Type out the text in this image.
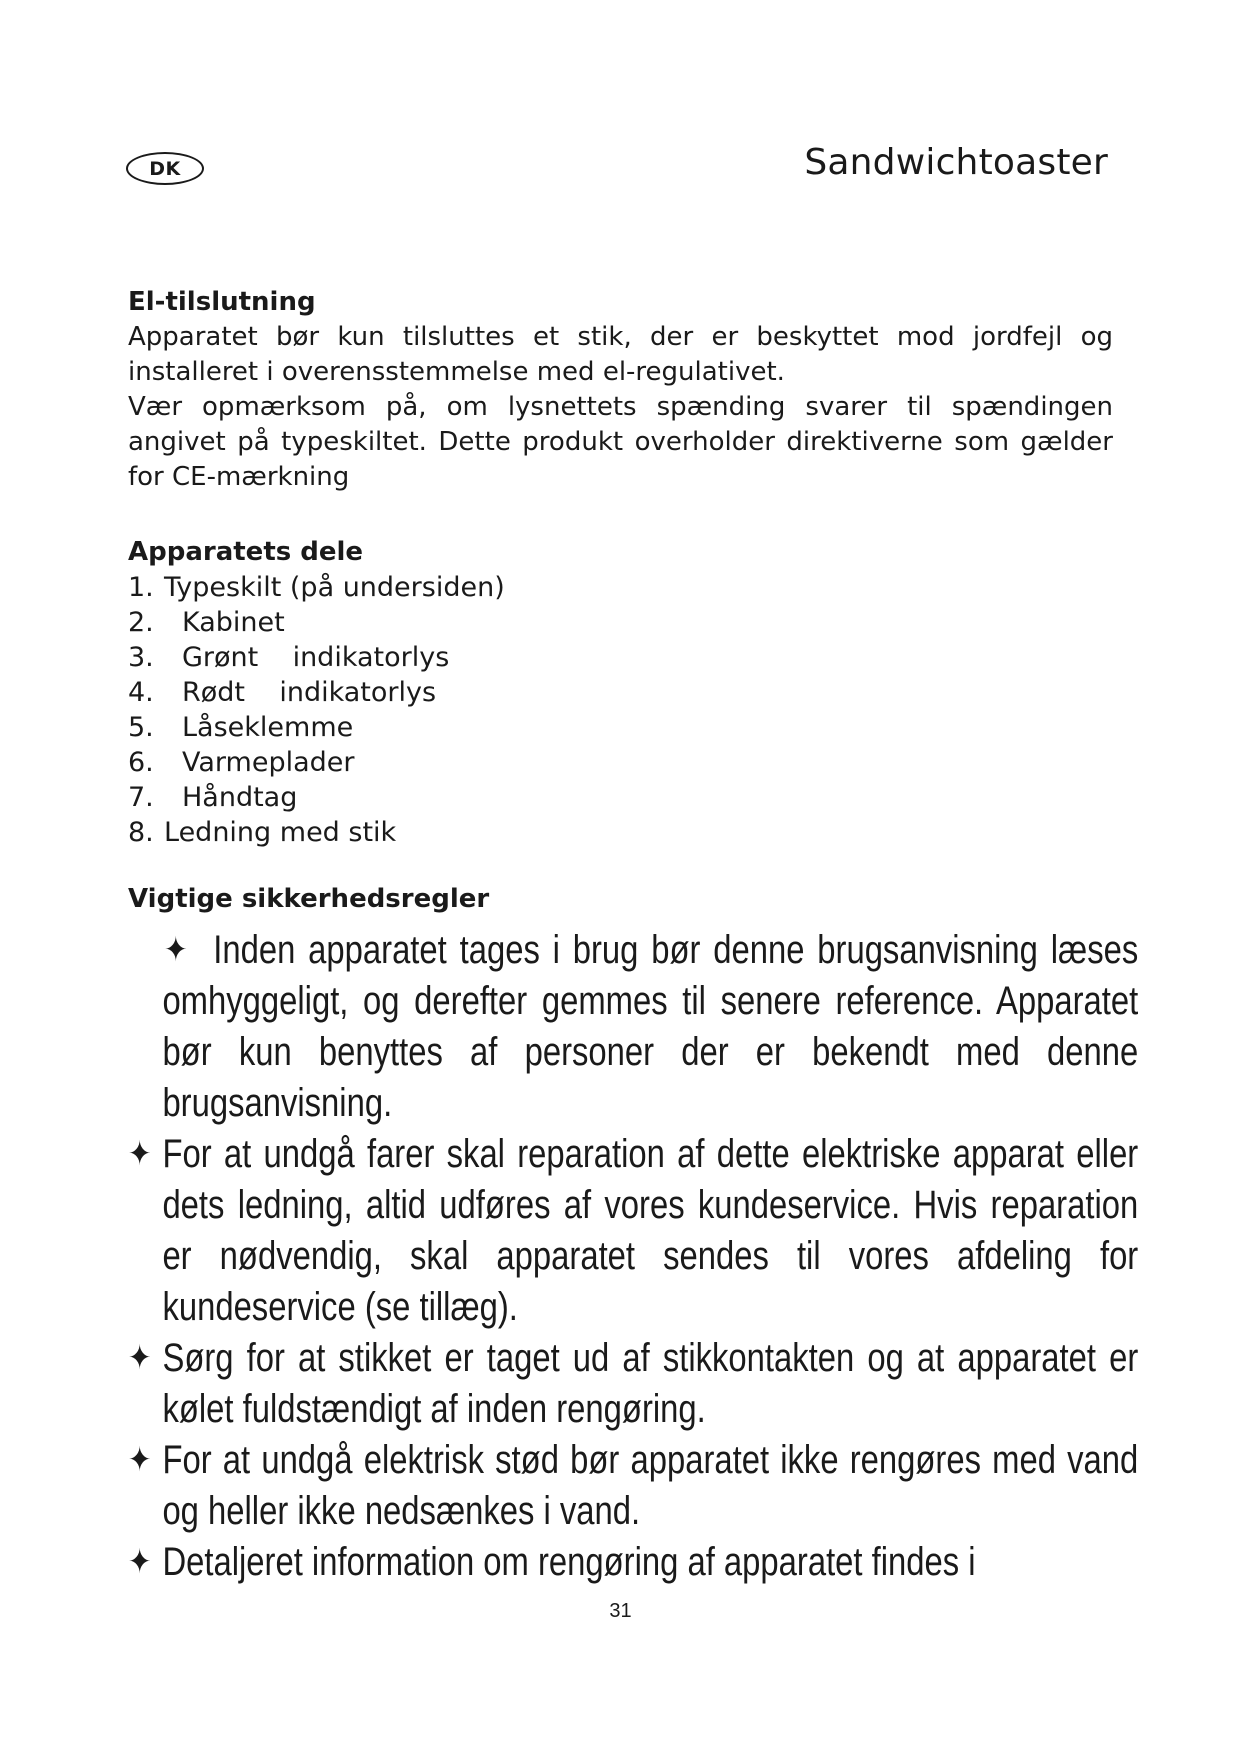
DK	Sandwichtoaster

El-tilslutning

Apparatet bør kun tilsluttes et stik, der er beskyttet mod jordfejl og installeret i overensstemmelse med el-regulativet.

Vær opmærksom på, om lysnettets spænding svarer til spændingen angivet på typeskiltet. Dette produkt overholder direktiverne som gælder for CE-mærkning

Apparatets dele

1. Typeskilt (på undersiden)
2.	Kabinet
3.	Grønt    indikatorlys
4.	Rødt    indikatorlys
5.	Låseklemme
6.	Varmeplader
7.	Håndtag
8. Ledning med stik

Vigtige sikkerhedsregler

✦ Inden apparatet tages i brug bør denne brugsanvisning læses omhyggeligt, og derefter gemmes til senere reference. Apparatet bør kun benyttes af personer der er bekendt med denne brugsanvisning.

✦ For at undgå farer skal reparation af dette elektriske apparat eller dets ledning, altid udføres af vores kundeservice. Hvis reparation er nødvendig, skal apparatet sendes til vores afdeling for kundeservice (se tillæg).

✦ Sørg for at stikket er taget ud af stikkontakten og at apparatet er kølet fuldstændigt af inden rengøring.

✦ For at undgå elektrisk stød bør apparatet ikke rengøres med vand og heller ikke nedsænkes i vand.

✦ Detaljeret information om rengøring af apparatet findes i

31
